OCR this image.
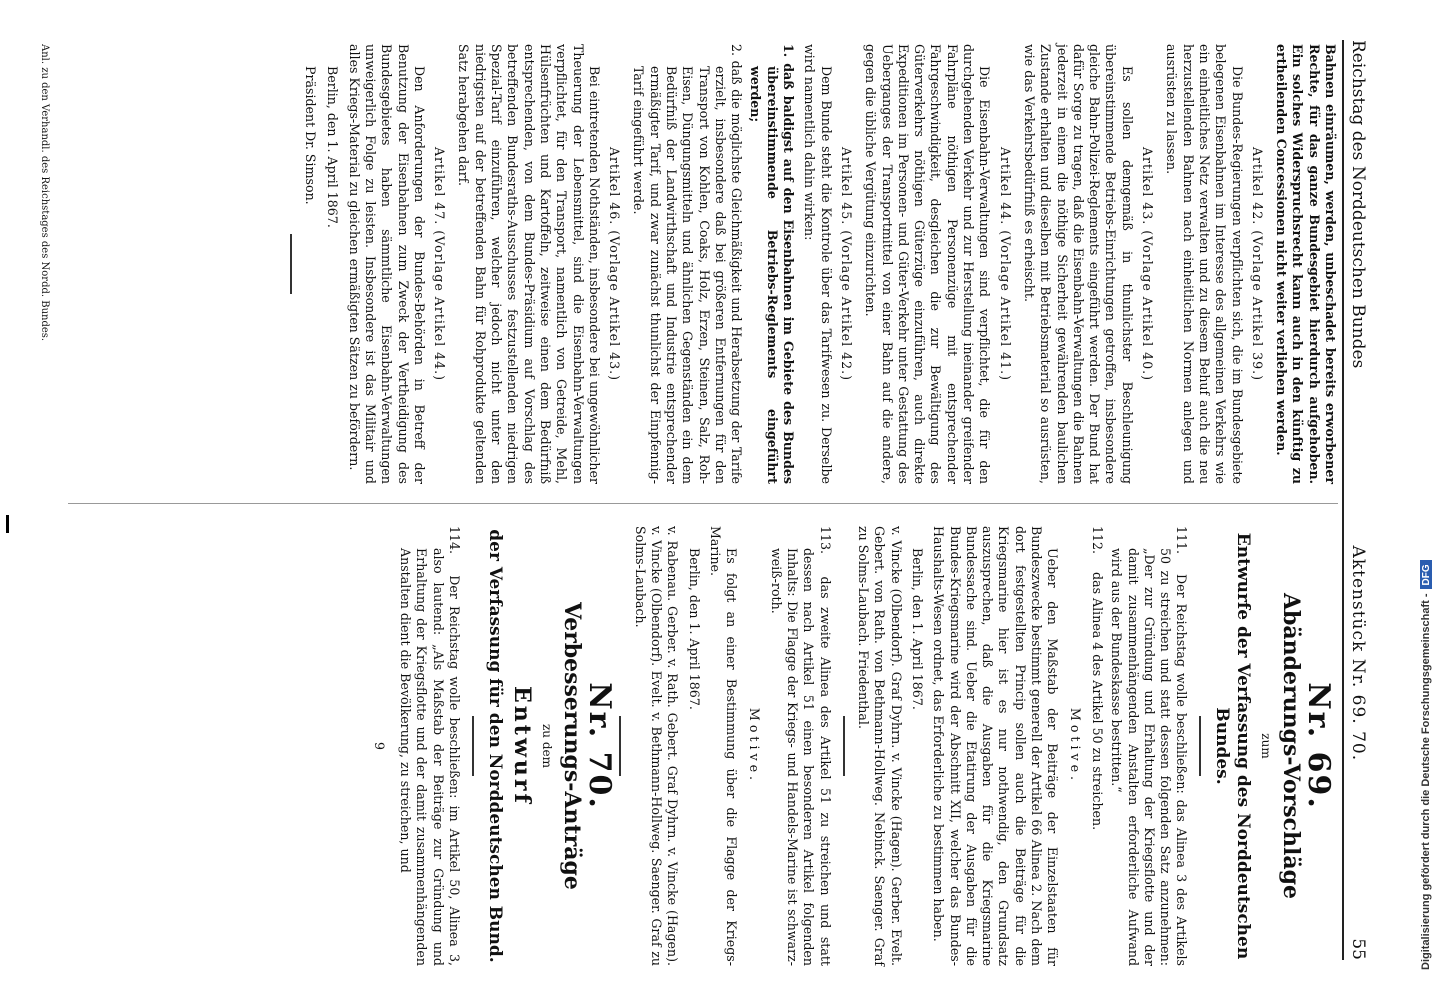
Reichstag des Norddeutschen Bundes
Aktenstück Nr. 69. 70.
55

Bahnen einräumen, werden, unbeschadet bereits erworbener Rechte, für das ganze Bundesgebiet hierdurch aufgehoben. Ein solches Widerspruchsrecht kann auch in den künftig zu ertheilenden Concessionen nicht weiter verliehen werden.

Artikel 42. (Vorlage Artikel 39.)

Die Bundes-Regierungen verpflichten sich, die im Bundesgebiete belegenen Eisenbahnen im Interesse des allgemeinen Verkehrs wie ein einheitliches Netz verwalten und zu diesem Behuf auch die neu herzustellenden Bahnen nach einheitlichen Normen anlegen und ausrüsten zu lassen.

Artikel 43. (Vorlage Artikel 40.)

Es sollen demgemäß in thunlichster Beschleunigung übereinstimmende Betriebs-Einrichtungen getroffen, insbesondere gleiche Bahn-Polizei-Reglements eingeführt werden. Der Bund hat dafür Sorge zu tragen, daß die Eisenbahn-Verwaltungen die Bahnen jederzeit in einem die nöthige Sicherheit gewährenden baulichen Zustande erhalten und dieselben mit Betriebsmaterial so ausrüsten, wie das Verkehrsbedürfniß es erheischt.

Artikel 44. (Vorlage Artikel 41.)

Die Eisenbahn-Verwaltungen sind verpflichtet, die für den durchgehenden Verkehr und zur Herstellung ineinander greifender Fahrpläne nöthigen Personenzüge mit entsprechender Fahrgeschwindigkeit, desgleichen die zur Bewältigung des Güterverkehrs nöthigen Güterzüge einzuführen, auch direkte Expeditionen im Personen- und Güter-Verkehr unter Gestattung des Ueberganges der Transportmittel von einer Bahn auf die andere, gegen die übliche Vergütung einzurichten.

Artikel 45. (Vorlage Artikel 42.)

Dem Bunde steht die Kontrole über das Tarifwesen zu. Derselbe wird namentlich dahin wirken:

1. daß baldigst auf den Eisenbahnen im Gebiete des Bundes übereinstimmende Betriebs-Reglements eingeführt werden;
2. daß die möglichste Gleichmäßigkeit und Herabsetzung der Tarife erzielt, insbesondere daß bei größeren Entfernungen für den Transport von Kohlen, Coaks, Holz, Erzen, Steinen, Salz, Roh-Eisen, Düngungsmitteln und ähnlichen Gegenständen ein dem Bedürfniß der Landwirthschaft und Industrie entsprechender ermäßigter Tarif, und zwar zunächst thunlichst der Einpfennig-Tarif eingeführt werde.
Artikel 46. (Vorlage Artikel 43.)

Bei eintretenden Nothständen, insbesondere bei ungewöhnlicher Theuerung der Lebensmittel, sind die Eisenbahn-Verwaltungen verpflichtet, für den Transport, namentlich von Getreide, Mehl, Hülsenfrüchten und Kartoffeln, zeitweise einen dem Bedürfniß entsprechenden, von dem Bundes-Präsidium auf Vorschlag des betreffenden Bundesraths-Ausschusses festzustellenden niedrigen Spezial-Tarif einzuführen, welcher jedoch nicht unter den niedrigsten auf der betreffenden Bahn für Rohprodukte geltenden Satz herabgehen darf.

Artikel 47. (Vorlage Artikel 44.)

Den Anforderungen der Bundes-Behörden in Betreff der Benutzung der Eisenbahnen zum Zweck der Vertheidigung des Bundesgebietes haben sämmtliche Eisenbahn-Verwaltungen unweigerlich Folge zu leisten. Insbesondere ist das Militair und alles Kriegs-Material zu gleichen ermäßigten Sätzen zu befördern.

Berlin, den 1. April 1867.

Präsident Dr. Simson.

Nr. 69.
Abänderungs-Vorschläge
zum
Entwurfe der Verfassung des Norddeutschen Bundes.
111. Der Reichstag wolle beschließen: das Alinea 3 des Artikels 50 zu streichen und statt dessen folgenden Satz anzunehmen: „Der zur Gründung und Erhaltung der Kriegsflotte und der damit zusammenhängenden Anstalten erforderliche Aufwand wird aus der Bundeskasse bestritten.“
112. das Alinea 4 des Artikel 50 zu streichen.
Motive.

Ueber den Maßstab der Beiträge der Einzelstaaten für Bundeszwecke bestimmt generell der Artikel 66 Alinea 2. Nach dem dort festgestellten Princip sollen auch die Beiträge für die Kriegsmarine hier ist es nur nothwendig, den Grundsatz auszusprechen, daß die Ausgaben für die Kriegsmarine Bundessache sind. Ueber die Etatirung der Ausgaben für die Bundes-Kriegsmarine wird der Abschnitt XII, welcher das Bundes-Haushalts-Wesen ordnet, das Erforderliche zu bestimmen haben.

Berlin, den 1. April 1867.

v. Vincke (Olbendorf). Graf Dyhrn. v. Vincke (Hagen). Gerber. Evelt. Gebert. von Rath. von Bethmann-Hollweg. Nebinck. Saenger. Graf zu Solms-Laubach. Friedenthal.

113. das zweite Alinea des Artikel 51 zu streichen und statt dessen nach Artikel 51 einen besonderen Artikel folgenden Inhalts: Die Flagge der Kriegs- und Handels-Marine ist schwarz-weiß-roth.
Motive.

Es folgt an einer Bestimmung über die Flagge der Kriegs-Marine.

Berlin, den 1. April 1867.

v. Rabenau. Gerber. v. Rath. Gebert. Graf Dyhrn. v. Vincke (Hagen). v. Vincke (Olbendorf). Evelt. v. Bethmann-Hollweg. Saenger. Graf zu Solms-Laubach.

Nr. 70.
Verbesserungs-Anträge
zu dem
Entwurf
der Verfassung für den Norddeutschen Bund.
114. Der Reichstag wolle beschließen: im Artikel 50, Alinea 3, also lautend: „Als Maßstab der Beiträge zur Gründung und Erhaltung der Kriegsflotte und der damit zusammenhängenden Anstalten dient die Bevölkerung, zu streichen, und
9
Anl. zu den Verhandl. des Reichstages des Nordd. Bundes.
Digitalisierung gefördert durch die Deutsche Forschungsgemeinschaft -DFG
